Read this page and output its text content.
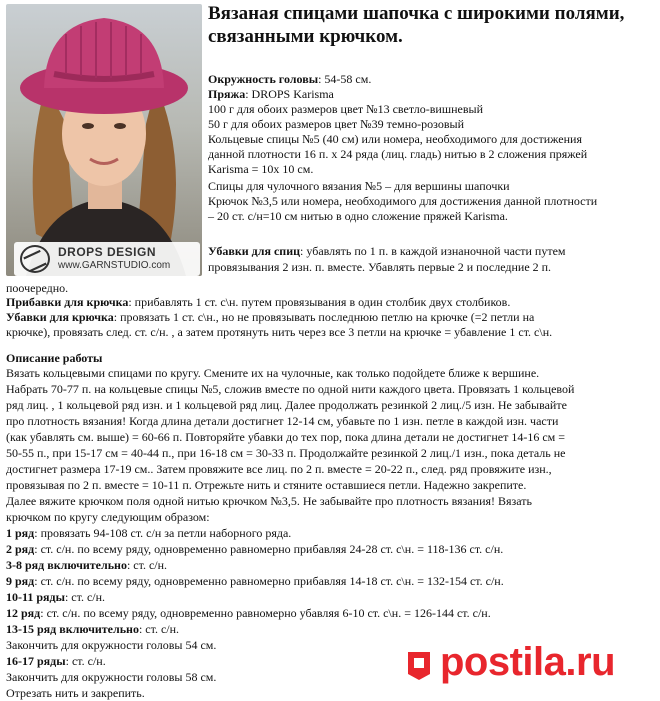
DROPS DESIGN
www.GARNSTUDIO.com
Вязаная спицами шапочка с широкими полями, связанными крючком.

Окружность головы: 54-58 см.

Пряжа: DROPS Karisma

100 г для обоих размеров цвет №13 светло-вишневый

50 г для обоих размеров цвет №39 темно-розовый

Кольцевые спицы №5 (40 см) или номера, необходимого для достижения

данной плотности 16 п. х 24 ряда (лиц. гладь) нитью в 2 сложения пряжей

Karisma = 10х 10 см.

Спицы для чулочного вязания №5 – для вершины шапочки

Крючок №3,5 или номера, необходимого для достижения данной плотности

– 20 ст. с/н=10 см нитью в одно сложение пряжей Karisma.

Убавки для спиц: убавлять по 1 п. в каждой изнаночной части путем

провязывания 2 изн. п. вместе. Убавлять первые 2 и последние 2 п.

поочередно.

Прибавки для крючка: прибавлять 1 ст. с\н. путем провязывания в один столбик двух столбиков.

Убавки для крючка: провязать 1 ст. с\н., но не провязывать последнюю петлю на крючке (=2 петли на

крючке), провязать след. ст. с/н. , а затем протянуть нить через все 3 петли на крючке = убавление 1 ст. с\н.

Описание работы

Вязать кольцевыми спицами по кругу. Смените их на чулочные, как только подойдете ближе к вершине.

Набрать 70-77 п. на кольцевые спицы №5, сложив вместе по одной нити каждого цвета. Провязать 1 кольцевой

ряд лиц. , 1 кольцевой ряд изн. и 1 кольцевой ряд лиц. Далее продолжать резинкой 2 лиц./5 изн. Не забывайте

про плотность вязания! Когда длина детали достигнет 12-14 см, убавьте по 1 изн. петле в каждой изн. части

(как убавлять см. выше) = 60-66 п. Повторяйте убавки до тех пор, пока длина детали не достигнет 14-16 см =

50-55 п., при 15-17 см = 40-44 п., при 16-18 см = 30-33 п. Продолжайте резинкой 2 лиц./1 изн., пока деталь не

достигнет размера 17-19 см.. Затем провяжите все лиц. по 2 п. вместе = 20-22 п., след. ряд провяжите изн.,

провязывая по 2 п. вместе = 10-11 п. Отрежьте нить и стяните оставшиеся петли. Надежно закрепите.

Далее вяжите крючком поля одной нитью крючком №3,5. Не забывайте про плотность вязания! Вязать

крючком по кругу следующим образом:

1 ряд: провязать 94-108 ст. с/н за петли наборного ряда.

2 ряд: ст. с/н. по всему ряду, одновременно равномерно прибавляя 24-28 ст. с\н. = 118-136 ст. с/н.

3-8 ряд включительно: ст. с/н.

9 ряд: ст. с/н. по всему ряду, одновременно равномерно прибавляя 14-18 ст. с\н. = 132-154 ст. с/н.

10-11 ряды: ст. с/н.

12 ряд: ст. с/н. по всему ряду, одновременно равномерно убавляя 6-10 ст. с\н. = 126-144 ст. с/н.

13-15 ряд включительно: ст. с/н.

Закончить для окружности головы 54 см.

16-17 ряды: ст. с/н.

Закончить для окружности головы 58 см.

Отрезать нить и закрепить.

postila.ru
